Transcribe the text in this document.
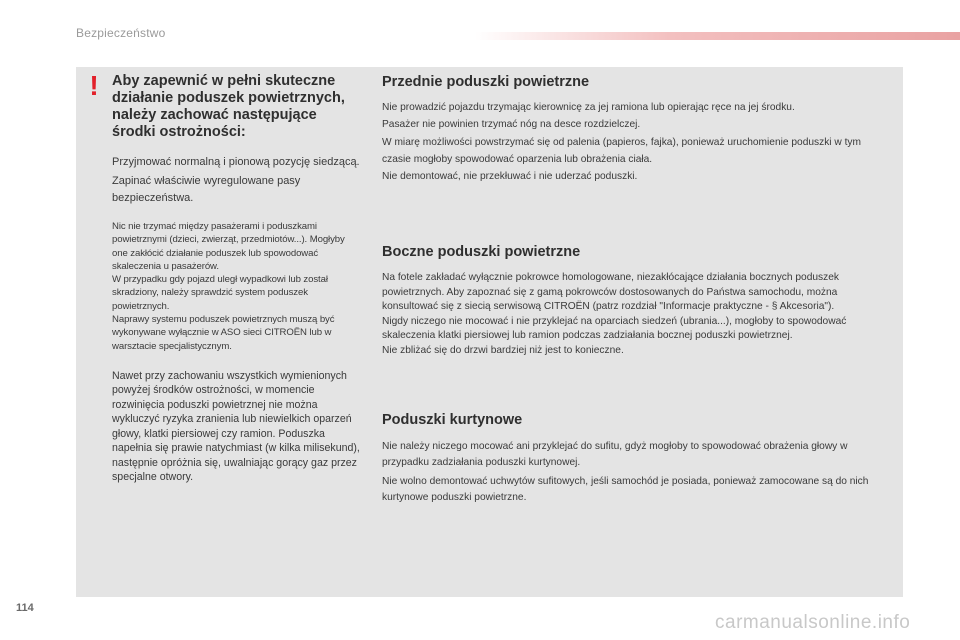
Bezpieczeństwo
! Aby zapewnić w pełni skuteczne działanie poduszek powietrznych, należy zachować następujące środki ostrożności:

Przyjmować normalną i pionową pozycję siedzącą.

Zapinać właściwie wyregulowane pasy bezpieczeństwa.

Nic nie trzymać między pasażerami i poduszkami powietrznymi (dzieci, zwierząt, przedmiotów...). Mogłyby one zakłócić działanie poduszek lub spowodować skaleczenia u pasażerów.

W przypadku gdy pojazd uległ wypadkowi lub został skradziony, należy sprawdzić system poduszek powietrznych.

Naprawy systemu poduszek powietrznych muszą być wykonywane wyłącznie w ASO sieci CITROËN lub w warsztacie specjalistycznym.

Nawet przy zachowaniu wszystkich wymienionych powyżej środków ostrożności, w momencie rozwinięcia poduszki powietrznej nie można wykluczyć ryzyka zranienia lub niewielkich oparzeń głowy, klatki piersiowej czy ramion. Poduszka napełnia się prawie natychmiast (w kilka milisekund), następnie opróżnia się, uwalniając gorący gaz przez specjalne otwory.

Przednie poduszki powietrzne

Nie prowadzić pojazdu trzymając kierownicę za jej ramiona lub opierając ręce na jej środku.

Pasażer nie powinien trzymać nóg na desce rozdzielczej.

W miarę możliwości powstrzymać się od palenia (papieros, fajka), ponieważ uruchomienie poduszki w tym czasie mogłoby spowodować oparzenia lub obrażenia ciała.

Nie demontować, nie przekłuwać i nie uderzać poduszki.

Boczne poduszki powietrzne

Na fotele zakładać wyłącznie pokrowce homologowane, niezakłócające działania bocznych poduszek powietrznych. Aby zapoznać się z gamą pokrowców dostosowanych do Państwa samochodu, można konsultować się z siecią serwisową CITROËN (patrz rozdział "Informacje praktyczne - § Akcesoria").

Nigdy niczego nie mocować i nie przyklejać na oparciach siedzeń (ubrania...), mogłoby to spowodować skaleczenia klatki piersiowej lub ramion podczas zadziałania bocznej poduszki powietrznej.

Nie zbliżać się do drzwi bardziej niż jest to konieczne.

Poduszki kurtynowe

Nie należy niczego mocować ani przyklejać do sufitu, gdyż mogłoby to spowodować obrażenia głowy w przypadku zadziałania poduszki kurtynowej.

Nie wolno demontować uchwytów sufitowych, jeśli samochód je posiada, ponieważ zamocowane są do nich kurtynowe poduszki powietrzne.

114
carmanualsonline.info
